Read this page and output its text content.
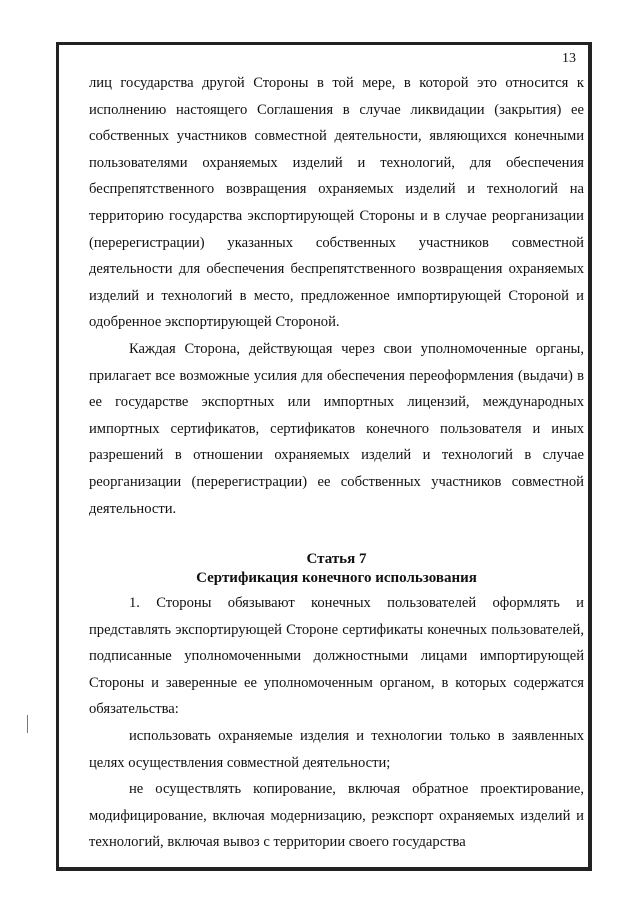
13

лиц государства другой Стороны в той мере, в которой это относится к исполнению настоящего Соглашения в случае ликвидации (закрытия) ее собственных участников совместной деятельности, являющихся конечными пользователями охраняемых изделий и технологий, для обеспечения беспрепятственного возвращения охраняемых изделий и технологий на территорию государства экспортирующей Стороны и в случае реорганизации (перерегистрации) указанных собственных участников совместной деятельности для обеспечения беспрепятственного возвращения охраняемых изделий и технологий в место, предложенное импортирующей Стороной и одобренное экспортирующей Стороной.

Каждая Сторона, действующая через свои уполномоченные органы, прилагает все возможные усилия для обеспечения переоформления (выдачи) в ее государстве экспортных или импортных лицензий, международных импортных сертификатов, сертификатов конечного пользователя и иных разрешений в отношении охраняемых изделий и технологий в случае реорганизации (перерегистрации) ее собственных участников совместной деятельности.

Статья 7
Сертификация конечного использования

1. Стороны обязывают конечных пользователей оформлять и представлять экспортирующей Стороне сертификаты конечных пользователей, подписанные уполномоченными должностными лицами импортирующей Стороны и заверенные ее уполномоченным органом, в которых содержатся обязательства:

использовать охраняемые изделия и технологии только в заявленных целях осуществления совместной деятельности;

не осуществлять копирование, включая обратное проектирование, модифицирование, включая модернизацию, реэкспорт охраняемых изделий и технологий, включая вывоз с территории своего государства
